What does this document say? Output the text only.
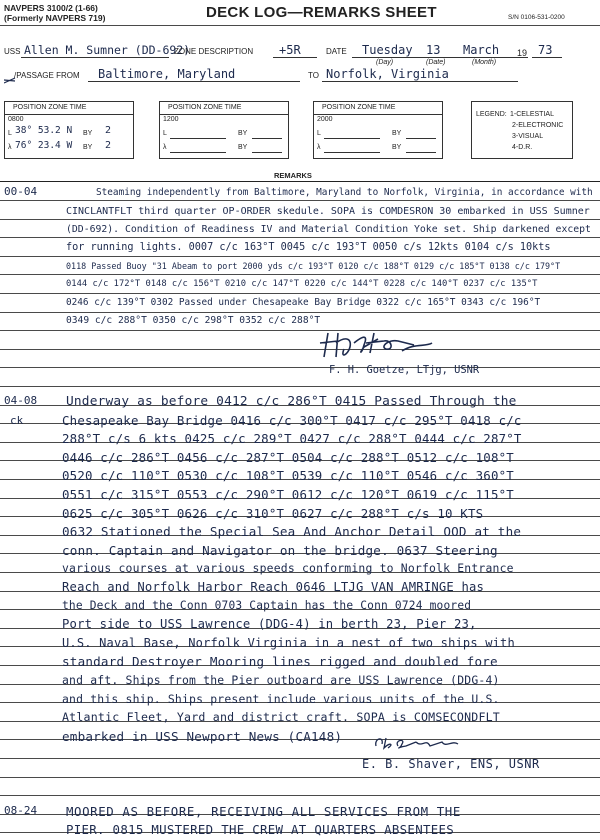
NAVPERS 3100/2 (1-66)
(Formerly NAVPERS 719)	DECK LOG—REMARKS SHEET	S/N 0106-531-0200
USS Allen M. Sumner (DD-692)
ZONE DESCRIPTION +5R	DATE Tuesday 13 March 19 73
(Day)	(Date)	(Month)
/PASSAGE FROM Baltimore, Maryland	TO Norfolk, Virginia
POSITION ZONE TIME
0800
L 38° 53.2 N BY 2
λ 76° 23.4 W BY 2
POSITION ZONE TIME
1200
L	BY
λ	BY
POSITION ZONE TIME
2000
L	BY
λ	BY
LEGEND: 1-CELESTIAL
2-ELECTRONIC
3-VISUAL
4-D.R.
REMARKS
00-04	Steaming independently from Baltimore, Maryland to Norfolk, Virginia, in accordance with
CINCLANTFLT third quarter OP-ORDER skedule. SOPA is COMDESRON 30 embarked in USS Sumner
(DD-692). Condition of Readiness IV and Material Condition Yoke set. Ship darkened except
for running lights. 0007 c/c 163°T 0045 c/c 193°T 0050 c/s 12kts 0104 c/s 10kts
0118 Passed Buoy "31 Abeam to port 2000 yds c/c 193°T 0120 c/c 188°T 0129 c/c 185°T 0138 c/c 179°T
0144 c/c 172°T 0148 c/c 156°T 0210 c/c 147°T 0220 c/c 144°T 0228 c/c 140°T 0237 c/c 135°T
0246 c/c 139°T 0302 Passed under Chesapeake Bay Bridge 0322 c/c 165°T 0343 c/c 196°T
0349 c/c 288°T 0350 c/c 298°T 0352 c/c 288°T
F. H. Goetze, LTjg, USNR
04-08
ck
Underway as before 0412 c/c 286°T 0415 Passed Through the
Chesapeake Bay Bridge 0416 c/c 300°T 0417 c/c 295°T 0418 c/c
288°T c/s 6 kts 0425 c/c 289°T 0427 c/c 288°T 0444 c/c 287°T
0446 c/c 286°T 0456 c/c 287°T 0504 c/c 288°T 0512 c/c 108°T
0520 c/c 110°T 0530 c/c 108°T 0539 c/c 110°T 0546 c/c 360°T
0551 c/c 315°T 0553 c/c 290°T 0612 c/c 120°T 0619 c/c 115°T
0625 c/c 305°T 0626 c/c 310°T 0627 c/c 288°T c/s 10 KTS
0632 Stationed the Special Sea And Anchor Detail OOD at the
conn. Captain and Navigator on the bridge. 0637 Steering
various courses at various speeds conforming to Norfolk Entrance
Reach and Norfolk Harbor Reach 0646 LTJG VAN AMRINGE has
the Deck and the Conn 0703 Captain has the Conn 0724 moored
Port side to USS Lawrence (DDG-4) in berth 23, Pier 23,
U.S. Naval Base, Norfolk Virginia in a nest of two ships with
standard Destroyer Mooring lines rigged and doubled fore
and aft. Ships from the Pier outboard are USS Lawrence (DDG-4)
and this ship. Ships present include various units of the U.S.
Atlantic Fleet, Yard and district craft. SOPA is COMSECONDFLT
embarked in USS Newport News (CA148)
E. B. Shaver, ENS, USNR
08-24 MOORED AS BEFORE, RECEIVING ALL SERVICES FROM THE
PIER. 0815 MUSTERED THE CREW AT QUARTERS ABSENTEES
